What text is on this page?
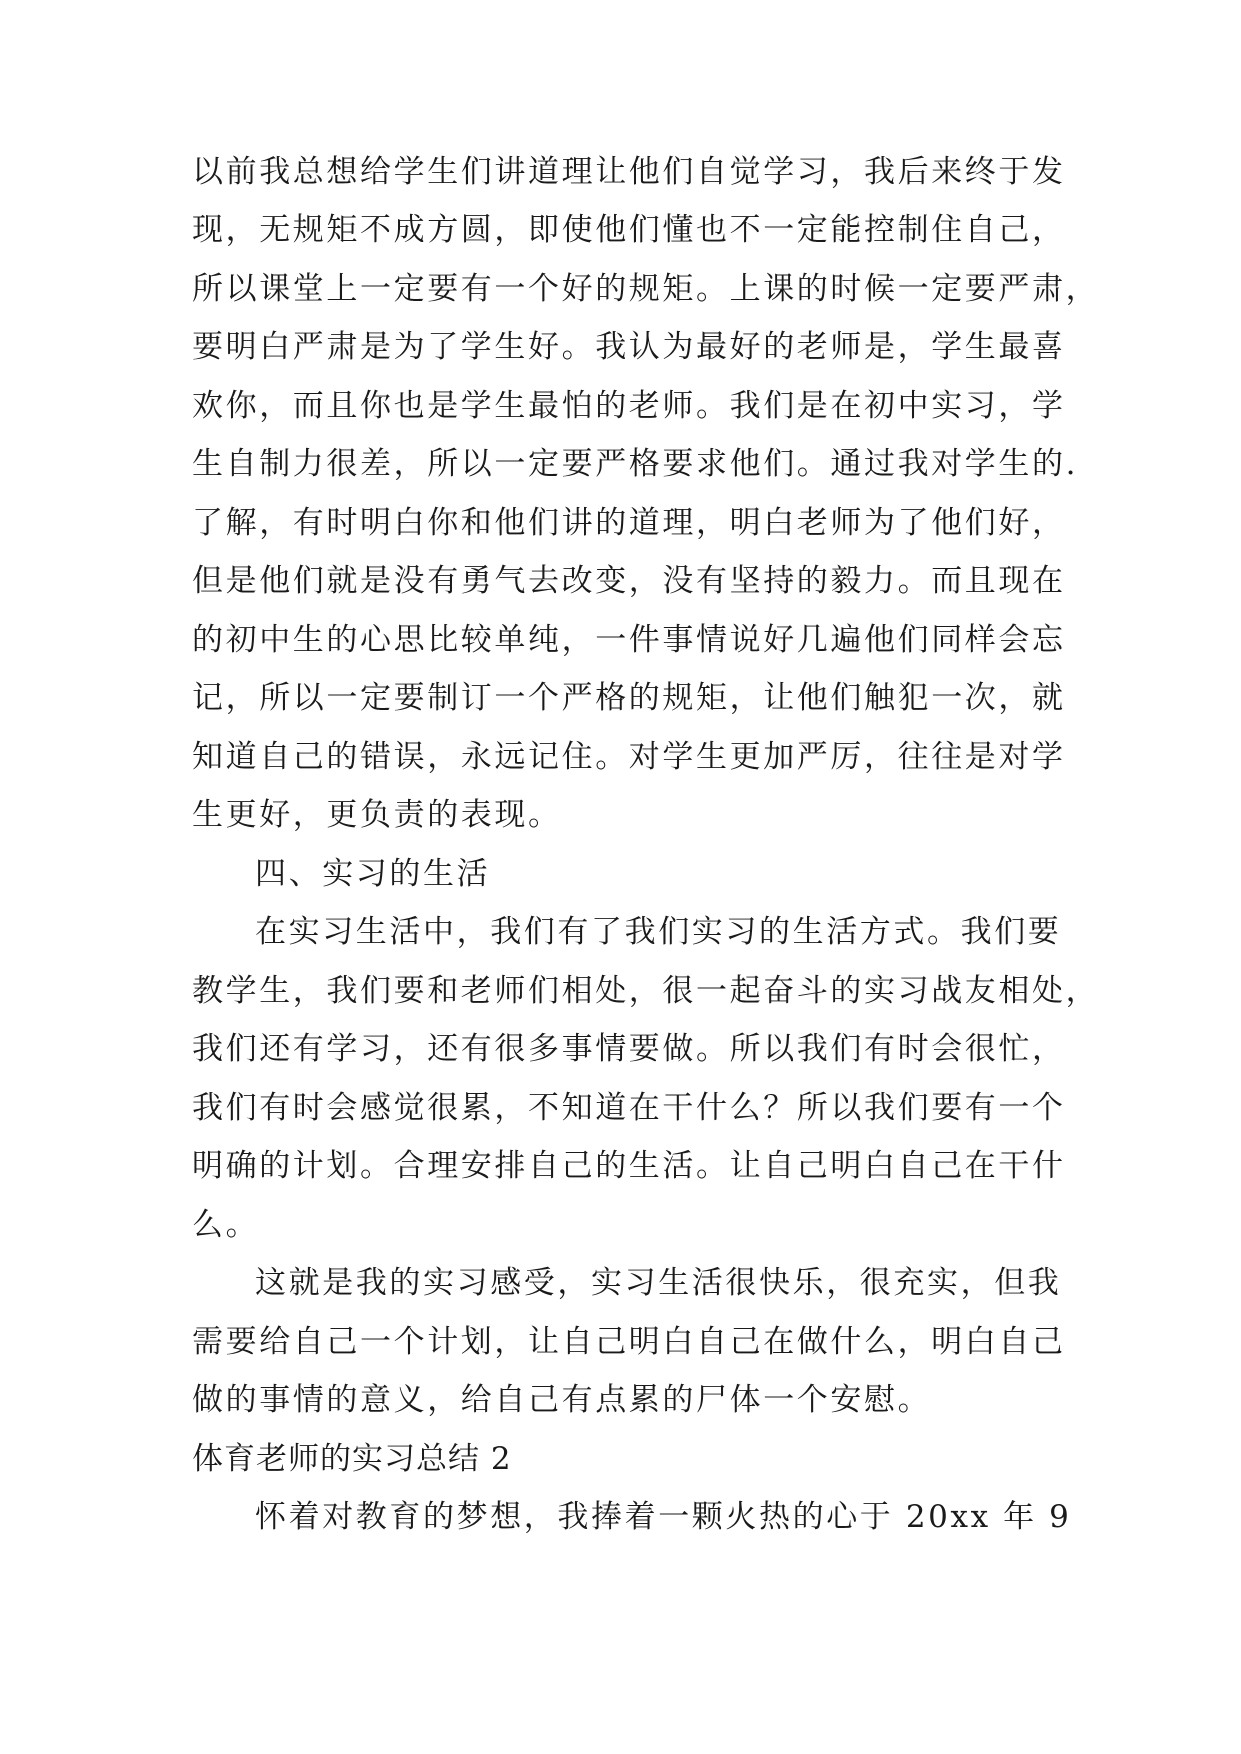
以前我总想给学生们讲道理让他们自觉学习，我后来终于发
现，无规矩不成方圆，即使他们懂也不一定能控制住自己，
所以课堂上一定要有一个好的规矩。上课的时候一定要严肃，
要明白严肃是为了学生好。我认为最好的老师是，学生最喜
欢你，而且你也是学生最怕的老师。我们是在初中实习，学
生自制力很差，所以一定要严格要求他们。通过我对学生的.
了解，有时明白你和他们讲的道理，明白老师为了他们好，
但是他们就是没有勇气去改变，没有坚持的毅力。而且现在
的初中生的心思比较单纯，一件事情说好几遍他们同样会忘
记，所以一定要制订一个严格的规矩，让他们触犯一次，就
知道自己的错误，永远记住。对学生更加严厉，往往是对学
生更好，更负责的表现。
四、实习的生活
在实习生活中，我们有了我们实习的生活方式。我们要
教学生，我们要和老师们相处，很一起奋斗的实习战友相处，
我们还有学习，还有很多事情要做。所以我们有时会很忙，
我们有时会感觉很累，不知道在干什么？所以我们要有一个
明确的计划。合理安排自己的生活。让自己明白自己在干什
么。
这就是我的实习感受，实习生活很快乐，很充实，但我
需要给自己一个计划，让自己明白自己在做什么，明白自己
做的事情的意义，给自己有点累的尸体一个安慰。
体育老师的实习总结 2
怀着对教育的梦想，我捧着一颗火热的心于 20xx 年 9
